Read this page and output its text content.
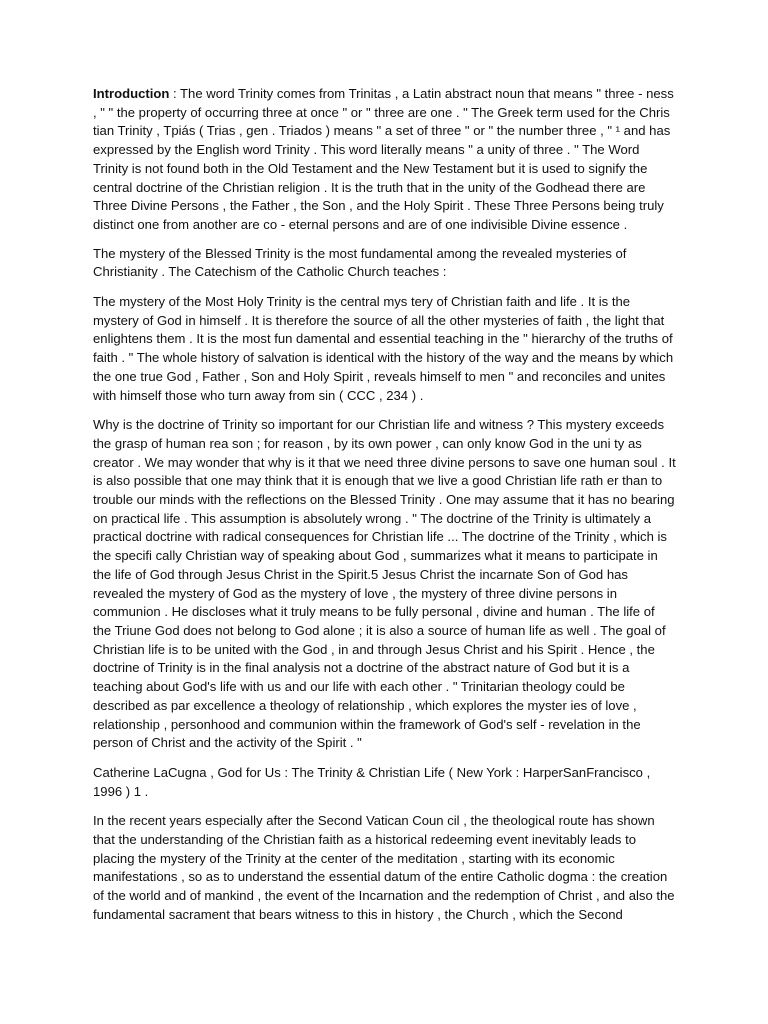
Introduction : The word Trinity comes from Trinitas , a Latin abstract noun that means " three - ness , " " the property of occurring three at once " or " three are one . " The Greek term used for the Chris tian Trinity , Tpiás ( Trias , gen . Triados ) means " a set of three " or " the number three , " ¹ and has expressed by the English word Trinity . This word literally means " a unity of three . " The Word Trinity is not found both in the Old Testament and the New Testament but it is used to signify the central doctrine of the Christian religion . It is the truth that in the unity of the Godhead there are Three Divine Persons , the Father , the Son , and the Holy Spirit . These Three Persons being truly distinct one from another are co - eternal persons and are of one indivisible Divine essence .

The mystery of the Blessed Trinity is the most fundamental among the revealed mysteries of Christianity . The Catechism of the Catholic Church teaches :

The mystery of the Most Holy Trinity is the central mys tery of Christian faith and life . It is the mystery of God in himself . It is therefore the source of all the other mysteries of faith , the light that enlightens them . It is the most fun damental and essential teaching in the " hierarchy of the truths of faith . " The whole history of salvation is identical with the history of the way and the means by which the one true God , Father , Son and Holy Spirit , reveals himself to men " and reconciles and unites with himself those who turn away from sin ( CCC , 234 ) .

Why is the doctrine of Trinity so important for our Christian life and witness ? This mystery exceeds the grasp of human rea son ; for reason , by its own power , can only know God in the uni ty as creator . We may wonder that why is it that we need three divine persons to save one human soul . It is also possible that one may think that it is enough that we live a good Christian life rath er than to trouble our minds with the reflections on the Blessed Trinity . One may assume that it has no bearing on practical life . This assumption is absolutely wrong . " The doctrine of the Trinity is ultimately a practical doctrine with radical consequences for Christian life ... The doctrine of the Trinity , which is the specifi cally Christian way of speaking about God , summarizes what it means to participate in the life of God through Jesus Christ in the Spirit.5 Jesus Christ the incarnate Son of God has revealed the mystery of God as the mystery of love , the mystery of three divine persons in communion . He discloses what it truly means to be fully personal , divine and human . The life of the Triune God does not belong to God alone ; it is also a source of human life as well . The goal of Christian life is to be united with the God , in and through Jesus Christ and his Spirit . Hence , the doctrine of Trinity is in the final analysis not a doctrine of the abstract nature of God but it is a teaching about God's life with us and our life with each other . " Trinitarian theology could be described as par excellence a theology of relationship , which explores the myster ies of love , relationship , personhood and communion within the framework of God's self - revelation in the person of Christ and the activity of the Spirit . "

Catherine LaCugna , God for Us : The Trinity & Christian Life ( New York : HarperSanFrancisco , 1996 ) 1 .

In the recent years especially after the Second Vatican Coun cil , the theological route has shown that the understanding of the Christian faith as a historical redeeming event inevitably leads to placing the mystery of the Trinity at the center of the meditation , starting with its economic manifestations , so as to understand the essential datum of the entire Catholic dogma : the creation of the world and of mankind , the event of the Incarnation and the redemption of Christ , and also the fundamental sacrament that bears witness to this in history , the Church , which the Second
